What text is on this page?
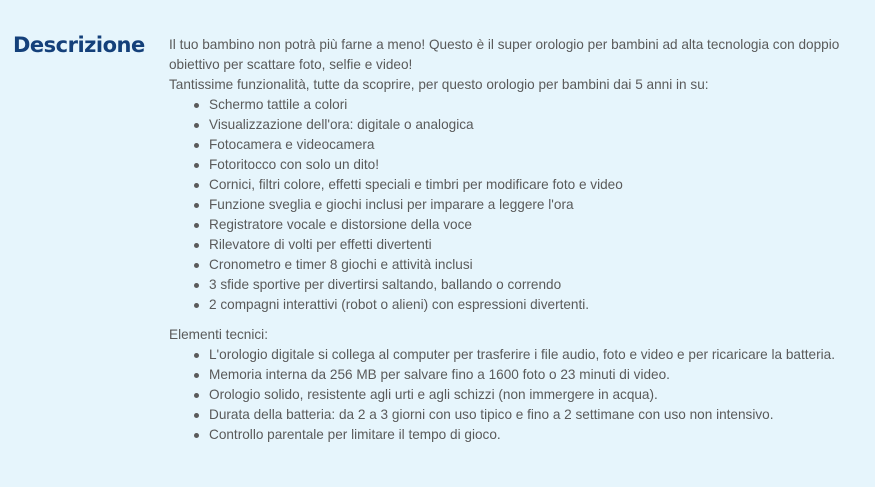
Descrizione Il tuo bambino non potrà più farne a meno! Questo è il super orologio per bambini ad alta tecnologia con doppio obiettivo per scattare foto, selfie e video!

Tantissime funzionalità, tutte da scoprire, per questo orologio per bambini dai 5 anni in su:

Schermo tattile a colori
Visualizzazione dell'ora: digitale o analogica
Fotocamera e videocamera
Fotoritocco con solo un dito!
Cornici, filtri colore, effetti speciali e timbri per modificare foto e video
Funzione sveglia e giochi inclusi per imparare a leggere l'ora
Registratore vocale e distorsione della voce
Rilevatore di volti per effetti divertenti
Cronometro e timer 8 giochi e attività inclusi
3 sfide sportive per divertirsi saltando, ballando o correndo
2 compagni interattivi (robot o alieni) con espressioni divertenti.

Elementi tecnici:

L'orologio digitale si collega al computer per trasferire i file audio, foto e video e per ricaricare la batteria.
Memoria interna da 256 MB per salvare fino a 1600 foto o 23 minuti di video.
Orologio solido, resistente agli urti e agli schizzi (non immergere in acqua).
Durata della batteria: da 2 a 3 giorni con uso tipico e fino a 2 settimane con uso non intensivo.
Controllo parentale per limitare il tempo di gioco.
